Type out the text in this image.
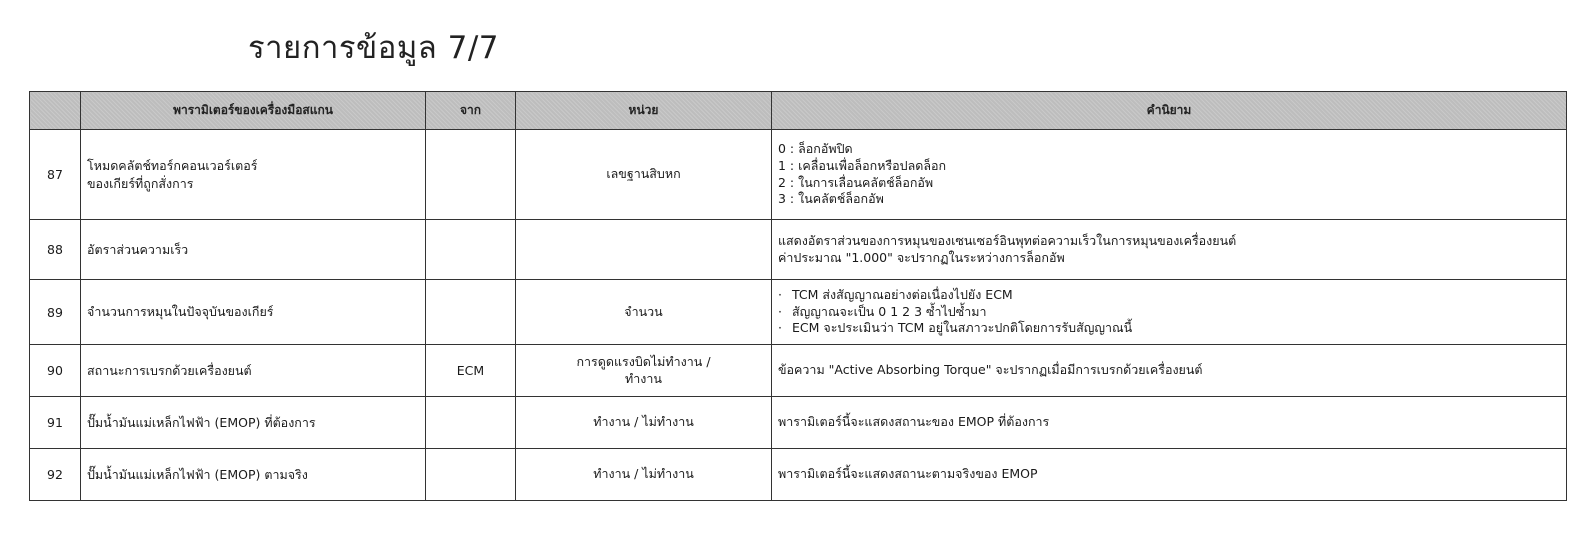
รายการข้อมูล 7/7
	พารามิเตอร์ของเครื่องมือสแกน	จาก	หน่วย	คำนิยาม
87	โหมดคลัตช์ทอร์กคอนเวอร์เตอร์
ของเกียร์ที่ถูกสั่งการ		เลขฐานสิบหก	0 : ล็อกอัพปิด
1 : เคลื่อนเพื่อล็อกหรือปลดล็อก
2 : ในการเลื่อนคลัตช์ล็อกอัพ
3 : ในคลัตช์ล็อกอัพ

88	อัตราส่วนความเร็ว			แสดงอัตราส่วนของการหมุนของเซนเซอร์อินพุทต่อความเร็วในการหมุนของเครื่องยนต์
ค่าประมาณ "1.000" จะปรากฏในระหว่างการล็อกอัพ

89	จำนวนการหมุนในปัจจุบันของเกียร์		จำนวน	· TCM ส่งสัญญาณอย่างต่อเนื่องไปยัง ECM
· สัญญาณจะเป็น 0 1 2 3 ซ้ำไปซ้ำมา
· ECM จะประเมินว่า TCM อยู่ในสภาวะปกติโดยการรับสัญญาณนี้

90	สถานะการเบรกด้วยเครื่องยนต์	ECM	การดูดแรงบิดไม่ทำงาน /
ทำงาน	ข้อความ "Active Absorbing Torque" จะปรากฏเมื่อมีการเบรกด้วยเครื่องยนต์

91	ปั๊มน้ำมันแม่เหล็กไฟฟ้า (EMOP) ที่ต้องการ		ทำงาน / ไม่ทำงาน	พารามิเตอร์นี้จะแสดงสถานะของ EMOP ที่ต้องการ

92	ปั๊มน้ำมันแม่เหล็กไฟฟ้า (EMOP) ตามจริง		ทำงาน / ไม่ทำงาน	พารามิเตอร์นี้จะแสดงสถานะตามจริงของ EMOP
